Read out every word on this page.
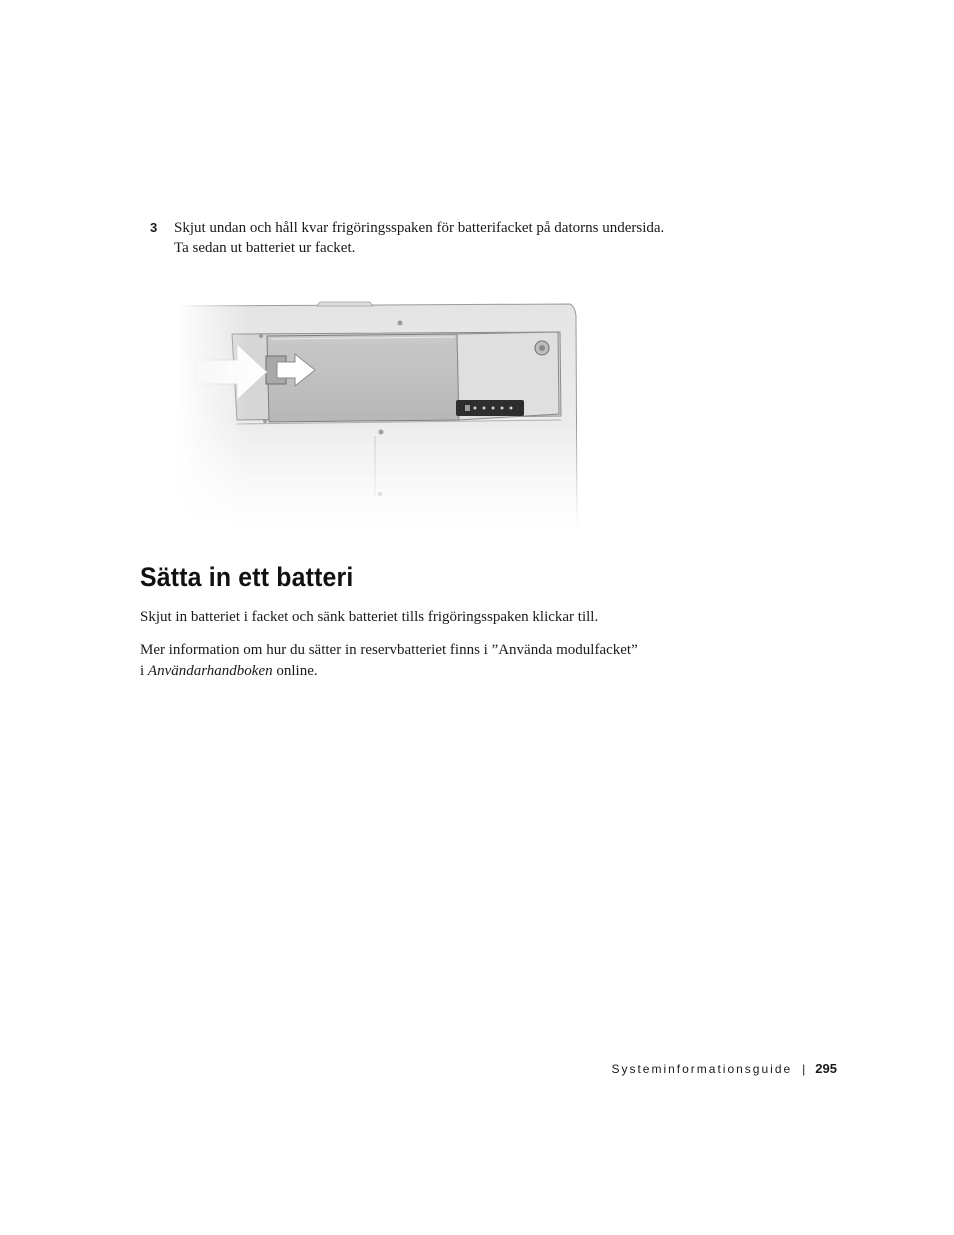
3 Skjut undan och håll kvar frigöringsspaken för batterifacket på datorns undersida.
Ta sedan ut batteriet ur facket.
Sätta in ett batteri

Skjut in batteriet i facket och sänk batteriet tills frigöringsspaken klickar till.

Mer information om hur du sätter in reservbatteriet finns i ”Använda modulfacket”
i Användarhandboken online.

Systeminformationsguide | 295
